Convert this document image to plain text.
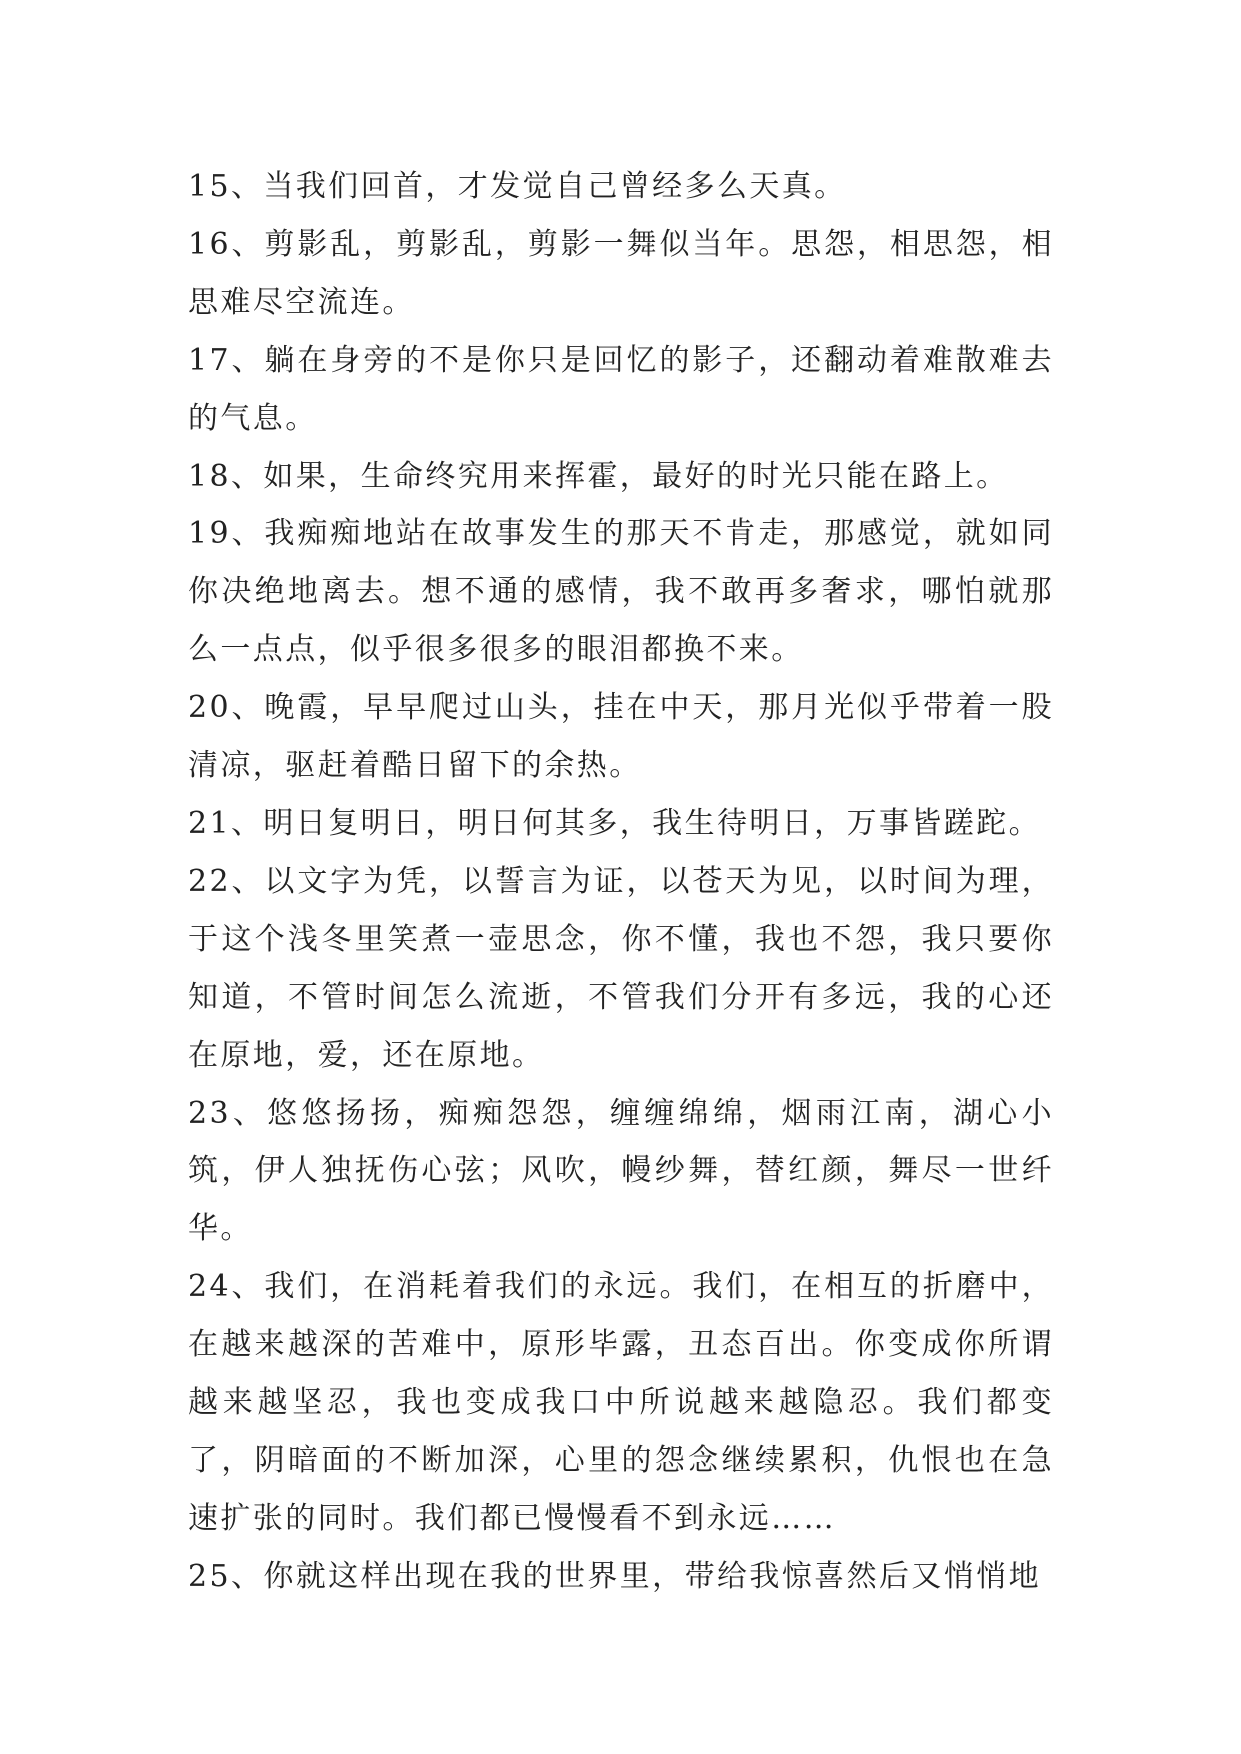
15、当我们回首，才发觉自己曾经多么天真。

16、剪影乱，剪影乱，剪影一舞似当年。思怨，相思怨，相思难尽空流连。

17、躺在身旁的不是你只是回忆的影子，还翻动着难散难去的气息。

18、如果，生命终究用来挥霍，最好的时光只能在路上。

19、我痴痴地站在故事发生的那天不肯走，那感觉，就如同你决绝地离去。想不通的感情，我不敢再多奢求，哪怕就那么一点点，似乎很多很多的眼泪都换不来。

20、晚霞，早早爬过山头，挂在中天，那月光似乎带着一股清凉，驱赶着酷日留下的余热。

21、明日复明日，明日何其多，我生待明日，万事皆蹉跎。

22、以文字为凭，以誓言为证，以苍天为见，以时间为理，于这个浅冬里笑煮一壶思念，你不懂，我也不怨，我只要你知道，不管时间怎么流逝，不管我们分开有多远，我的心还在原地，爱，还在原地。

23、悠悠扬扬，痴痴怨怨，缠缠绵绵，烟雨江南，湖心小筑，伊人独抚伤心弦；风吹，幔纱舞，替红颜，舞尽一世纤华。

24、我们，在消耗着我们的永远。我们，在相互的折磨中，在越来越深的苦难中，原形毕露，丑态百出。你变成你所谓越来越坚忍，我也变成我口中所说越来越隐忍。我们都变了，阴暗面的不断加深，心里的怨念继续累积，仇恨也在急速扩张的同时。我们都已慢慢看不到永远……

25、你就这样出现在我的世界里，带给我惊喜然后又悄悄地
